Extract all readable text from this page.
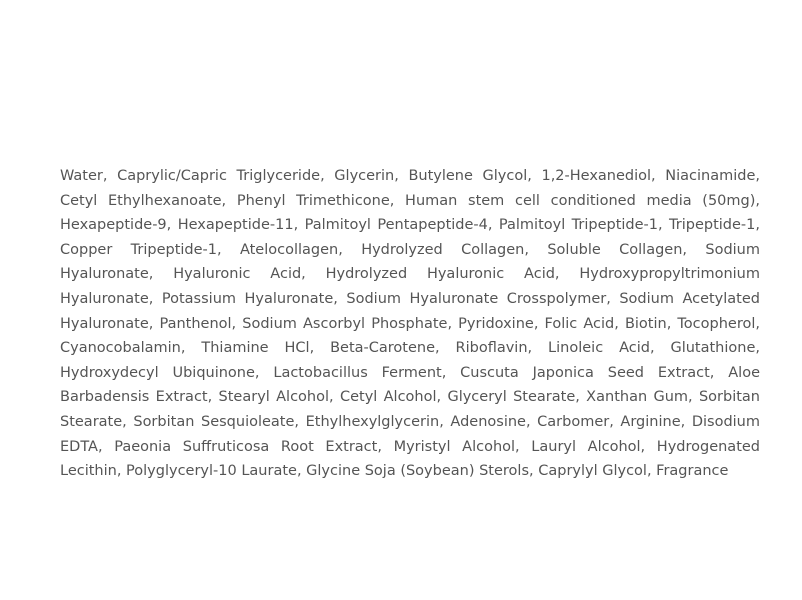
Water, Caprylic/Capric Triglyceride, Glycerin, Butylene Glycol, 1,2-Hexanediol, Niacinamide, Cetyl Ethylhexanoate, Phenyl Trimethicone, Human stem cell conditioned media (50mg), Hexapeptide-9, Hexapeptide-11, Palmitoyl Pentapeptide-4, Palmitoyl Tripeptide-1, Tripeptide-1, Copper Tripeptide-1, Atelocollagen, Hydrolyzed Collagen, Soluble Collagen, Sodium Hyaluronate, Hyaluronic Acid, Hydrolyzed Hyaluronic Acid, Hydroxypropyltrimonium Hyaluronate, Potassium Hyaluronate, Sodium Hyaluronate Crosspolymer, Sodium Acetylated Hyaluronate, Panthenol, Sodium Ascorbyl Phosphate, Pyridoxine, Folic Acid, Biotin, Tocopherol, Cyanocobalamin, Thiamine HCl, Beta-Carotene, Riboflavin, Linoleic Acid, Glutathione, Hydroxydecyl Ubiquinone, Lactobacillus Ferment, Cuscuta Japonica Seed Extract, Aloe Barbadensis Extract, Stearyl Alcohol, Cetyl Alcohol, Glyceryl Stearate, Xanthan Gum, Sorbitan Stearate, Sorbitan Sesquioleate, Ethylhexylglycerin, Adenosine, Carbomer, Arginine, Disodium EDTA, Paeonia Suffruticosa Root Extract, Myristyl Alcohol, Lauryl Alcohol, Hydrogenated Lecithin, Polyglyceryl-10 Laurate, Glycine Soja (Soybean) Sterols, Caprylyl Glycol, Fragrance
